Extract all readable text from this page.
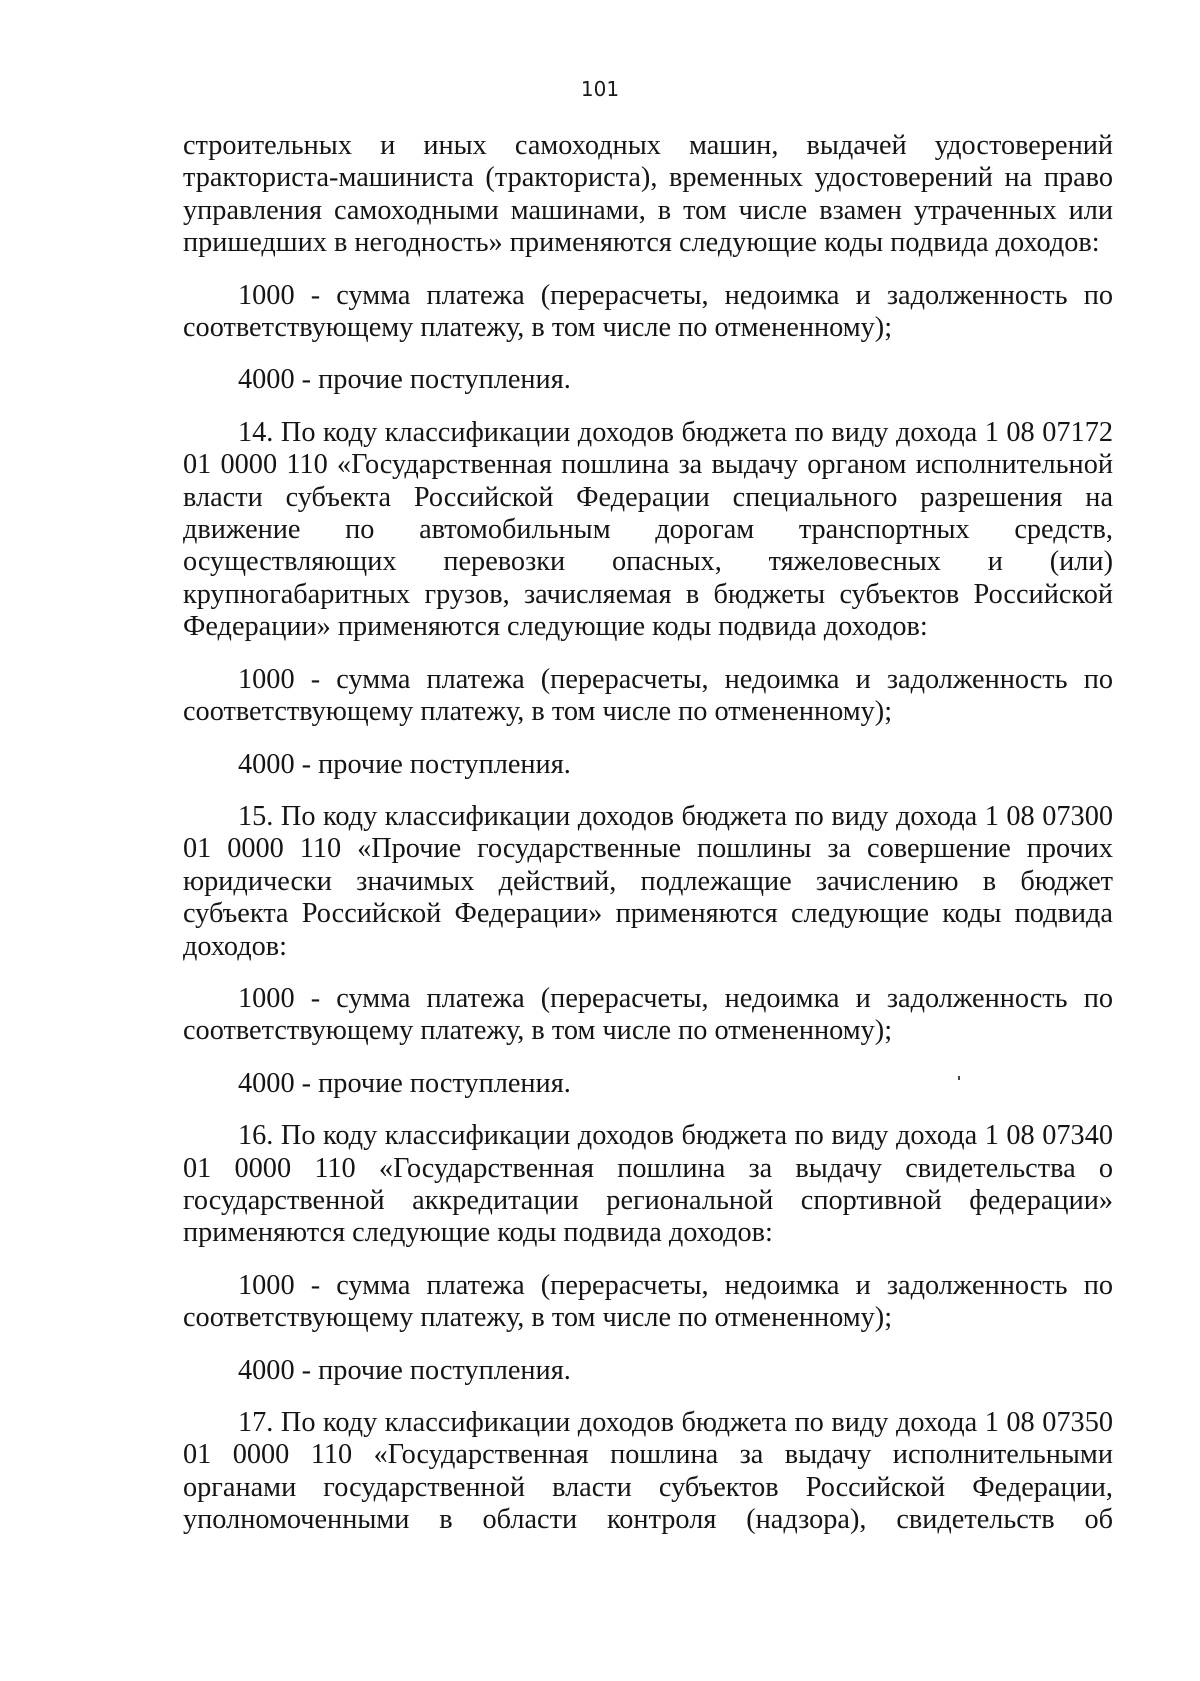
101

строительных и иных самоходных машин, выдачей удостоверений тракториста-машиниста (тракториста), временных удостоверений на право управления самоходными машинами, в том числе взамен утраченных или пришедших в негодность» применяются следующие коды подвида доходов:

1000 - сумма платежа (перерасчеты, недоимка и задолженность по соответствующему платежу, в том числе по отмененному);

4000 - прочие поступления.

14. По коду классификации доходов бюджета по виду дохода 1 08 07172 01 0000 110 «Государственная пошлина за выдачу органом исполнительной власти субъекта Российской Федерации специального разрешения на движение по автомобильным дорогам транспортных средств, осуществляющих перевозки опасных, тяжеловесных и (или) крупногабаритных грузов, зачисляемая в бюджеты субъектов Российской Федерации» применяются следующие коды подвида доходов:

1000 - сумма платежа (перерасчеты, недоимка и задолженность по соответствующему платежу, в том числе по отмененному);

4000 - прочие поступления.

15. По коду классификации доходов бюджета по виду дохода 1 08 07300 01 0000 110 «Прочие государственные пошлины за совершение прочих юридически значимых действий, подлежащие зачислению в бюджет субъекта Российской Федерации» применяются следующие коды подвида доходов:

1000 - сумма платежа (перерасчеты, недоимка и задолженность по соответствующему платежу, в том числе по отмененному);

4000 - прочие поступления.

16. По коду классификации доходов бюджета по виду дохода 1 08 07340 01 0000 110 «Государственная пошлина за выдачу свидетельства о государственной аккредитации региональной спортивной федерации» применяются следующие коды подвида доходов:

1000 - сумма платежа (перерасчеты, недоимка и задолженность по соответствующему платежу, в том числе по отмененному);

4000 - прочие поступления.

17. По коду классификации доходов бюджета по виду дохода 1 08 07350 01 0000 110 «Государственная пошлина за выдачу исполнительными органами государственной власти субъектов Российской Федерации, уполномоченными в области контроля (надзора), свидетельств об
